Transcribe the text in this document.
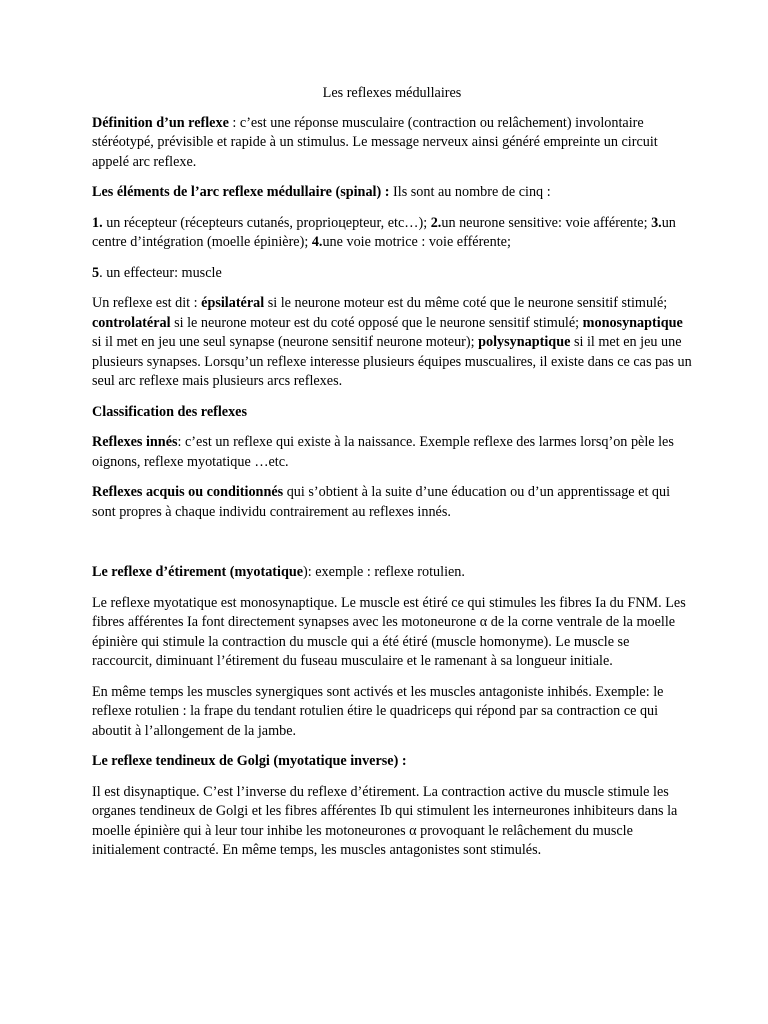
Les reflexes médullaires

Définition d’un reflexe : c’est une réponse musculaire (contraction ou relâchement) involontaire stéréotypé, prévisible et rapide à un stimulus. Le message nerveux ainsi généré empreinte un circuit appelé arc reflexe.

Les éléments de l’arc reflexe médullaire (spinal) : Ils sont au nombre de cinq :

1. un récepteur (récepteurs cutanés, proprioцepteur, etc…); 2.un neurone sensitive: voie afférente; 3.un centre d’intégration (moelle épinière); 4.une voie motrice : voie efférente;

5. un effecteur: muscle

Un reflexe est dit : épsilatéral si le neurone moteur est du même coté que le neurone sensitif stimulé; controlatéral si le neurone moteur est du coté opposé que le neurone sensitif stimulé; monosynaptique si il met en jeu une seul synapse (neurone sensitif neurone moteur); polysynaptique si il met en jeu une plusieurs synapses. Lorsqu’un reflexe interesse plusieurs équipes muscualires, il existe dans ce cas pas un seul arc reflexe mais plusieurs arcs reflexes.

Classification des reflexes

Reflexes innés: c’est un reflexe qui existe à la naissance. Exemple reflexe des larmes lorsq’on pèle les oignons, reflexe myotatique …etc.

Reflexes acquis ou conditionnés qui s’obtient à la suite d’une éducation ou d’un apprentissage et qui sont propres à chaque individu contrairement au reflexes innés.

Le reflexe d’étirement (myotatique): exemple : reflexe rotulien.

Le reflexe myotatique est monosynaptique. Le muscle est étiré ce qui stimules les fibres Ia du FNM. Les fibres afférentes Ia font directement synapses avec les motoneurone α de la corne ventrale de la moelle épinière qui stimule la contraction du muscle qui a été étiré (muscle homonyme). Le muscle se raccourcit, diminuant l’étirement du fuseau musculaire et le ramenant à sa longueur initiale.

En même temps les muscles synergiques sont activés et les muscles antagoniste inhibés. Exemple: le reflexe rotulien : la frape du tendant rotulien étire le quadriceps qui répond par sa contraction ce qui aboutit à l’allongement de la jambe.

Le reflexe tendineux de Golgi (myotatique inverse) :

Il est disynaptique. C’est l’inverse du reflexe d’étirement. La contraction active du muscle stimule les organes tendineux de Golgi et les fibres afférentes Ib qui stimulent les interneurones inhibiteurs dans la moelle épinière qui à leur tour inhibe les motoneurones α provoquant le relâchement du muscle initialement contracté. En même temps, les muscles antagonistes sont stimulés.
